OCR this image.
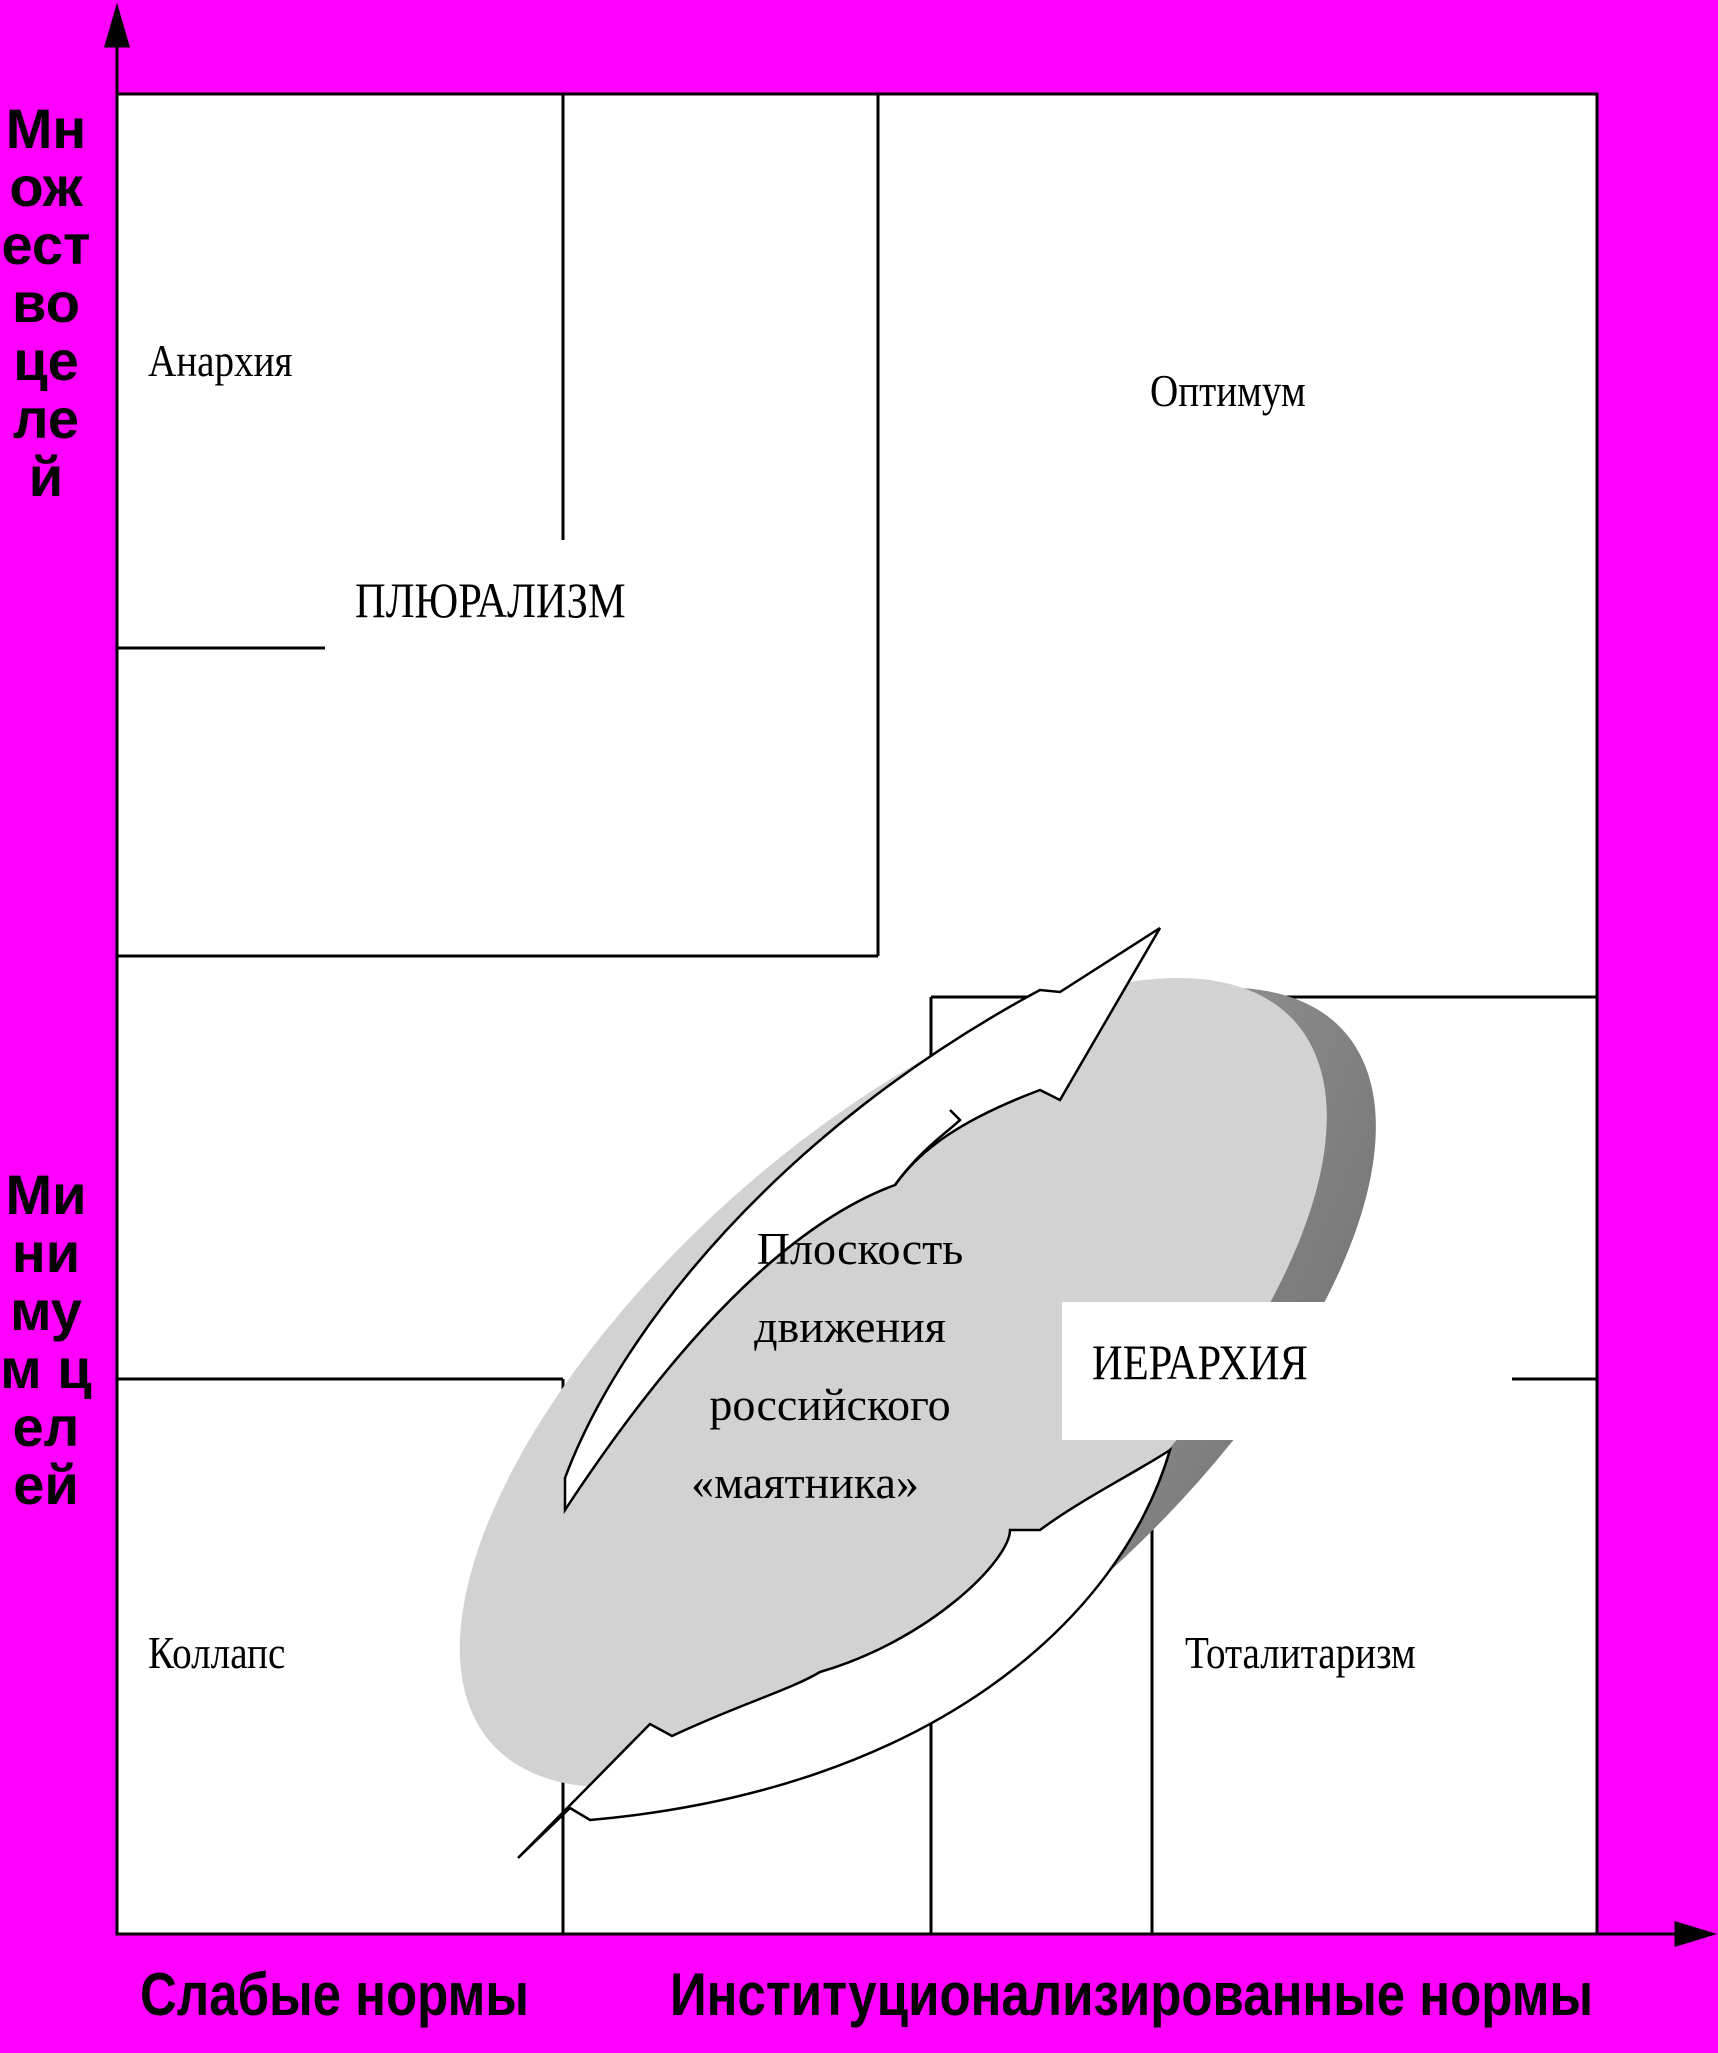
Анархия
Оптимум
ПЛЮРАЛИЗМ
ИЕРАРХИЯ
Коллапс	Тоталитаризм
Плоскость
движения
российского
«маятника»
Множество целей
Минимум целей
Слабые нормы Институционализированные нормы
